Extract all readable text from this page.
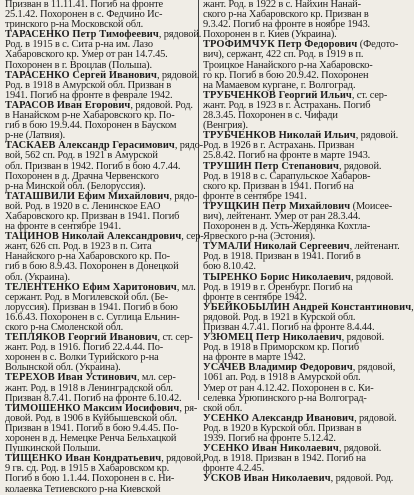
Призван в 11.11.41. Погиб на фронте
25.1.42. Похоронен в с. Федчино Ис-
тринского р-на Московской обл.
ТАРАСЕНКО Петр Тимофеевич, рядовой.
Род. в 1915 в с. Сита р-на им. Лазо
Хабаровского кр. Умер от ран 14.7.45.
Похоронен в г. Вроцлав (Польша).
ТАРАСЕНКО Сергей Иванович, рядовой.
Род. в 1918 в Амурской обл. Призван в
1941. Погиб на фронте в феврале 1942.
ТАРАСОВ Иван Егорович, рядовой. Род.
в Нанайском р-не Хабаровского кр. По-
гиб в бою 19.9.44. Похоронен в Бауском
р-не (Латвия).
ТАСКАЕВ Александр Герасимович, рядо-
вой, 562 сп. Род. в 1921 в Амурской
обл. Призван в 1942. Погиб в бою 4.7.44.
Похоронен в д. Драчна Червенского
р-на Минской обл. (Белоруссия).
ТАТАШВИЛИ Ефим Михайлович, рядо-
вой. Род. в 1920 в с. Ленинское ЕАО
Хабаровского кр. Призван в 1941. Погиб
на фронте в сентябре 1941.
ТАЦИНОВ Николай Александрович, сер-
жант, 626 сп. Род. в 1923 в п. Сита
Нанайского р-на Хабаровского кр. По-
гиб в бою 8.9.43. Похоронен в Донецкой
обл. (Украина).
ТЕЛЕНТЕНКО Ефим Харитонович, мл.
сержант. Род. в Могилевской обл. (Бе-
лоруссия). Призван в 1941. Погиб в бою
16.6.43. Похоронен в с. Суглица Ельнин-
ского р-на Смоленской обл.
ТЕПЛЯКОВ Георгий Иванович, ст. сер-
жант. Род. в 1916. Погиб 22.4.44. По-
хоронен в с. Волки Турийского р-на
Волынской обл. (Украина).
ТЕРЕХОВ Иван Устинович, мл. сер-
жант. Род. в 1918 в Ленинградской обл.
Призван 8.7.41. Погиб на фронте 6.10.42.
ТИМОШЕНКО Максим Иосифович, ря-
довой. Род. в 1906 в Куйбышевской обл.
Призван в 1941. Погиб в бою 9.4.45. По-
хоронен в д. Немецке Ренча Бельхацкой
Пушкинской Польши.
ТИЩЕНКО Иван Кондратьевич, рядовой,
9 гв. сд. Род. в 1915 в Хабаровском кр.
Погиб в бою 1.1.44. Похоронен в с. Ни-
колаевка Тетиевского р-на Киевской
жант. Род. в 1922 в с. Найхин Нанай-
ского р-на Хабаровского кр. Призван в
9.3.42. Погиб на фронте в ноябре 1943.
Похоронен в г. Киев (Украина).
ТРОФИМЧУК Петр Федорович (Федото-
вич), сержант, 422 сп. Род. в 1919 в п.
Троицкое Нанайского р-на Хабаровско-
го кр. Погиб в бою 20.9.42. Похоронен
на Мамаевом кургане, г. Волгоград.
ТРУБЧЕНКОВ Георгий Ильич, ст. сер-
жант. Род. в 1923 в г. Астрахань. Погиб
28.3.45. Похоронен в с. Чифади
(Венгрия).
ТРУБЧЕНКОВ Николай Ильич, рядовой.
Род. в 1926 в г. Астрахань. Призван
25.8.42. Погиб на фронте в марте 1943.
ТРУШИН Петр Степанович, рядовой.
Род. в 1918 в с. Сарапульское Хабаров-
ского кр. Призван в 1941. Погиб на
фронте в сентябре 1941.
ТРУЩКИН Петр Михайлович (Моисее-
вич), лейтенант. Умер от ран 28.3.44.
Похоронен в д. Усть-Жердянка Кохтла-
Ярвеского р-на (Эстония).
ТУМАЛИ Николай Сергеевич, лейтенант.
Род. в 1918. Призван в 1941. Погиб в
бою 8.10.42.
ТЫРЕНКО Борис Николаевич, рядовой.
Род. в 1919 в г. Оренбург. Погиб на
фронте в сентябре 1942.
УБЕЙКОБЫЛИН Андрей Константинович,
рядовой. Род. в 1921 в Курской обл.
Призван 4.7.41. Погиб на фронте 8.4.44.
УЗЮМЕЦ Петр Николаевич, рядовой.
Род. в 1918 в Приморском кр. Погиб
на фронте в марте 1942.
УСАЧЕВ Владимир Федорович, рядовой,
1061 ап. Род. в 1918 в Амурской обл.
Умер от ран 4.12.42. Похоронен в с. Ки-
селевка Урюпинского р-на Волгоград-
ской обл.
УСЕНКО Александр Иванович, рядовой.
Род. в 1920 в Курской обл. Призван в
1939. Погиб на фронте 5.12.42.
УСЕНКО Иван Николаевич, рядовой.
Род. в 1918. Призван в 1942. Погиб на
фронте 4.2.45.
УСКОВ Иван Николаевич, рядовой. Род.
